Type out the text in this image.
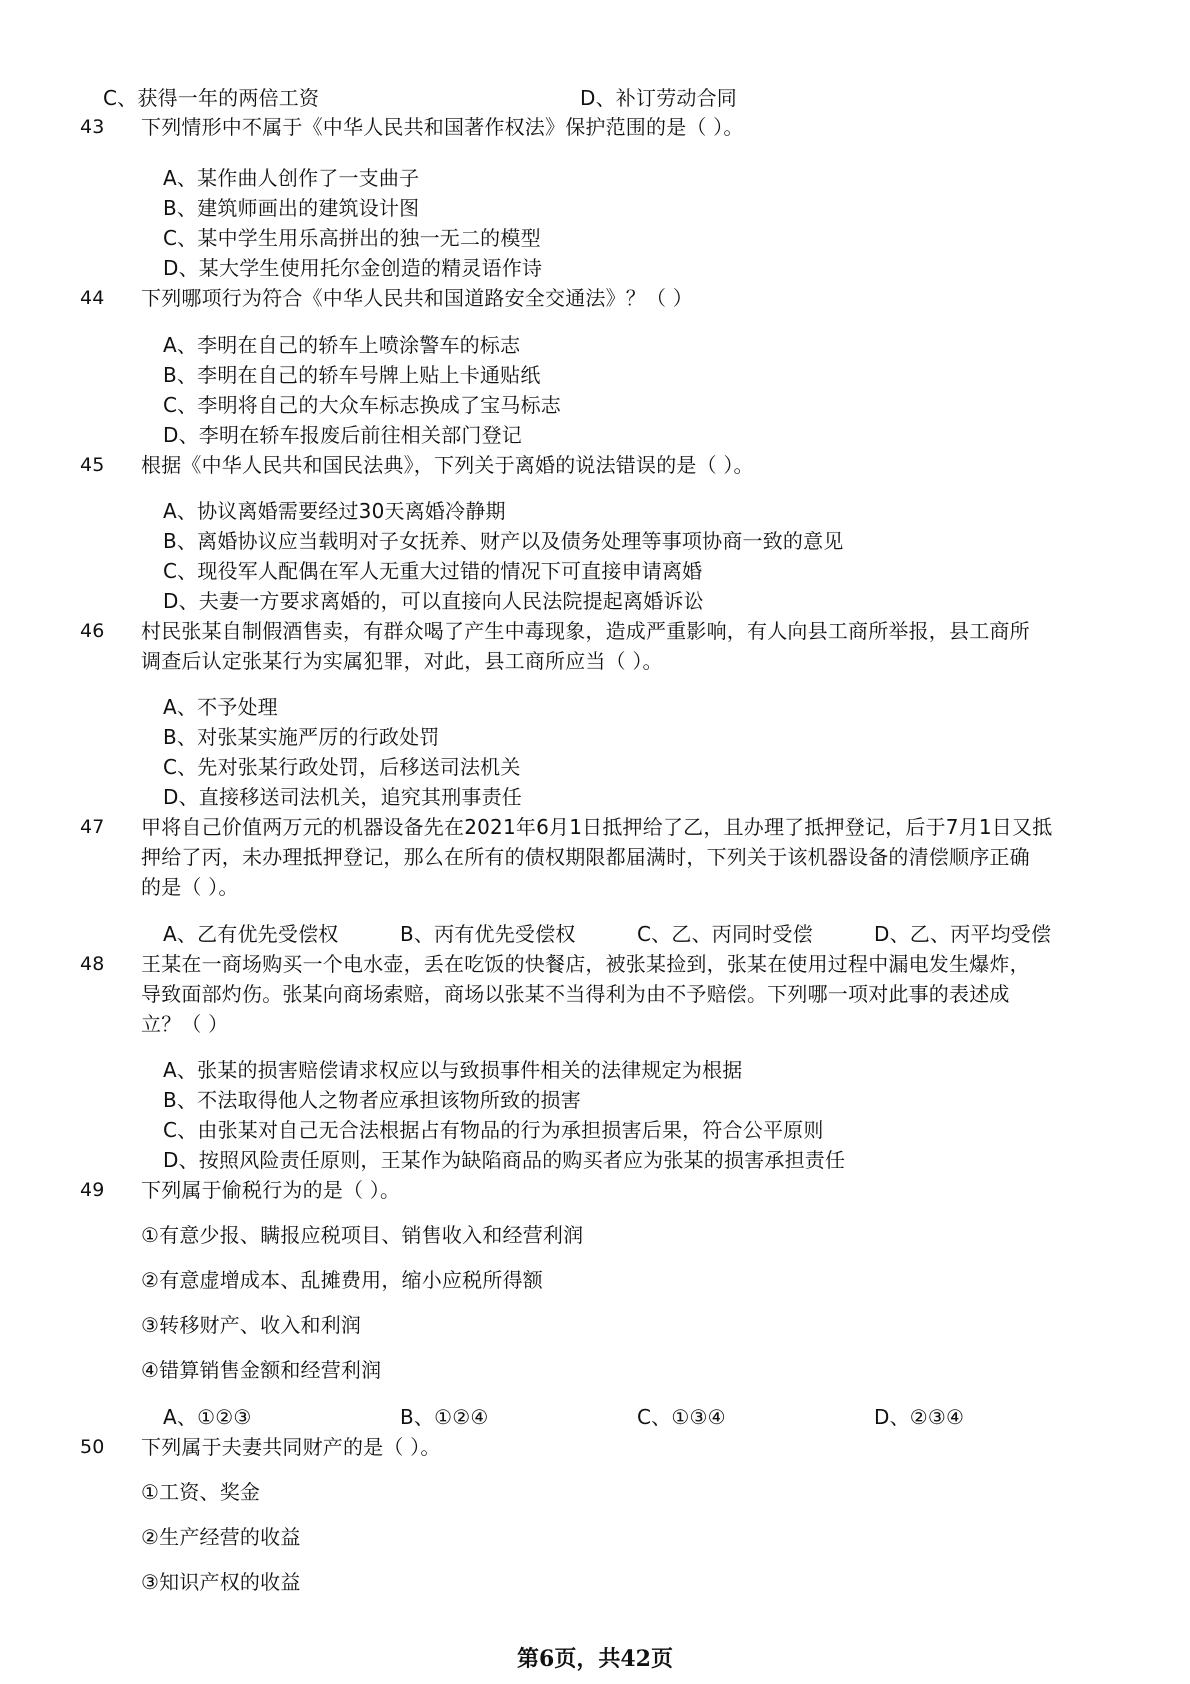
C、获得一年的两倍工资	D、补订劳动合同
43 下列情形中不属于《中华人民共和国著作权法》保护范围的是（ ）。
A、某作曲人创作了一支曲子
B、建筑师画出的建筑设计图
C、某中学生用乐高拼出的独一无二的模型
D、某大学生使用托尔金创造的精灵语作诗
44 下列哪项行为符合《中华人民共和国道路安全交通法》？（ ）
A、李明在自己的轿车上喷涂警车的标志
B、李明在自己的轿车号牌上贴上卡通贴纸
C、李明将自己的大众车标志换成了宝马标志
D、李明在轿车报废后前往相关部门登记
45 根据《中华人民共和国民法典》，下列关于离婚的说法错误的是（ ）。
A、协议离婚需要经过30天离婚冷静期
B、离婚协议应当载明对子女抚养、财产以及债务处理等事项协商一致的意见
C、现役军人配偶在军人无重大过错的情况下可直接申请离婚
D、夫妻一方要求离婚的，可以直接向人民法院提起离婚诉讼
46 村民张某自制假酒售卖，有群众喝了产生中毒现象，造成严重影响，有人向县工商所举报，县工商所
调查后认定张某行为实属犯罪，对此，县工商所应当（ ）。
A、不予处理
B、对张某实施严厉的行政处罚
C、先对张某行政处罚，后移送司法机关
D、直接移送司法机关，追究其刑事责任
47 甲将自己价值两万元的机器设备先在2021年6月1日抵押给了乙，且办理了抵押登记，后于7月1日又抵
押给了丙，未办理抵押登记，那么在所有的债权期限都届满时，下列关于该机器设备的清偿顺序正确
的是（ ）。
A、乙有优先受偿权	B、丙有优先受偿权	C、乙、丙同时受偿	D、乙、丙平均受偿
48 王某在一商场购买一个电水壶，丢在吃饭的快餐店，被张某捡到，张某在使用过程中漏电发生爆炸，
导致面部灼伤。张某向商场索赔，商场以张某不当得利为由不予赔偿。下列哪一项对此事的表述成
立？（ ）
A、张某的损害赔偿请求权应以与致损事件相关的法律规定为根据
B、不法取得他人之物者应承担该物所致的损害
C、由张某对自己无合法根据占有物品的行为承担损害后果，符合公平原则
D、按照风险责任原则，王某作为缺陷商品的购买者应为张某的损害承担责任
49 下列属于偷税行为的是（ ）。
①有意少报、瞒报应税项目、销售收入和经营利润
②有意虚增成本、乱摊费用，缩小应税所得额
③转移财产、收入和利润
④错算销售金额和经营利润
A、①②③	B、①②④	C、①③④	D、②③④
50 下列属于夫妻共同财产的是（ ）。
①工资、奖金
②生产经营的收益
③知识产权的收益
第6页，共42页
